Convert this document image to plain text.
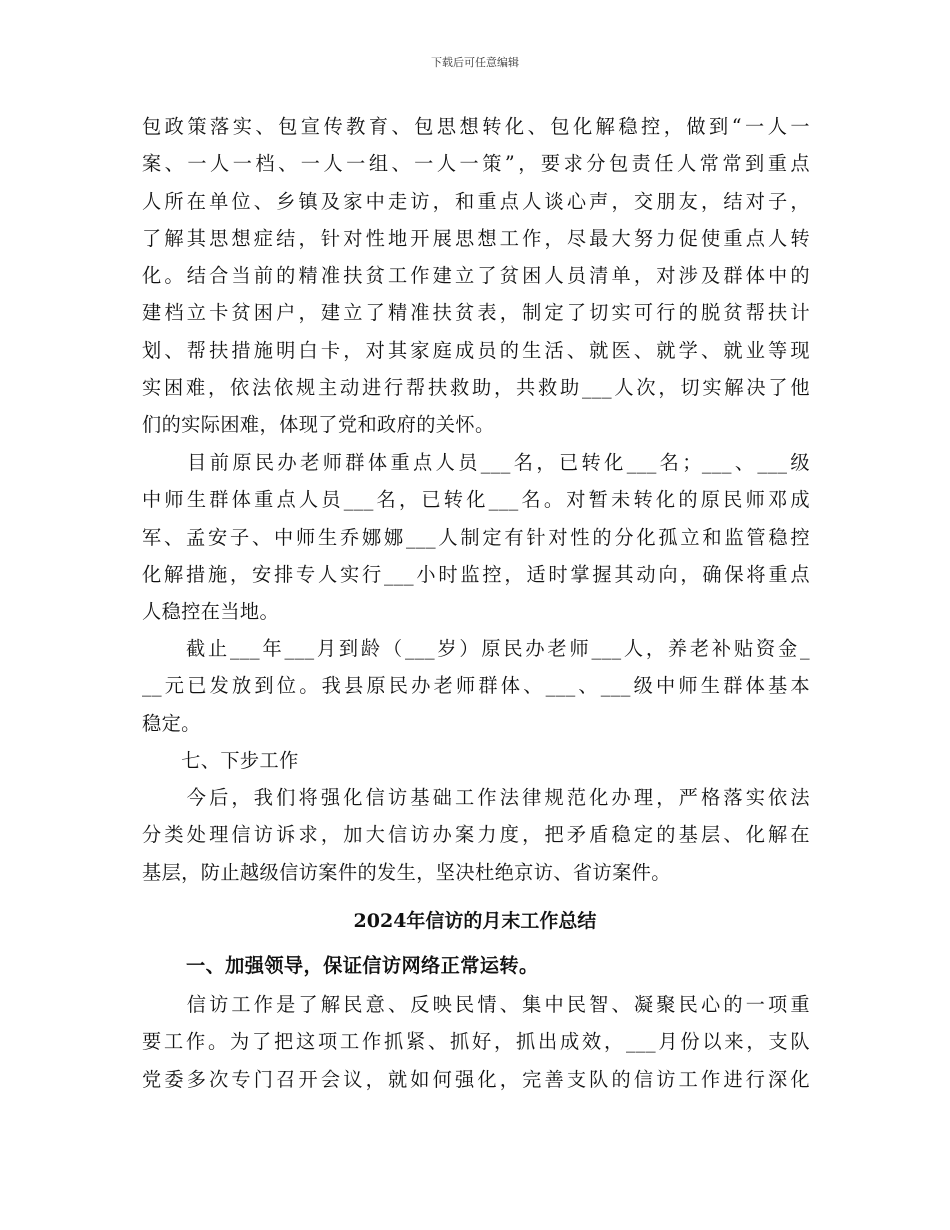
下载后可任意编辑
包政策落实、包宣传教育、包思想转化、包化解稳控，做到“一人一
案、一人一档、一人一组、一人一策”，要求分包责任人常常到重点
人所在单位、乡镇及家中走访，和重点人谈心声，交朋友，结对子，
了解其思想症结，针对性地开展思想工作，尽最大努力促使重点人转
化。结合当前的精准扶贫工作建立了贫困人员清单，对涉及群体中的
建档立卡贫困户，建立了精准扶贫表，制定了切实可行的脱贫帮扶计
划、帮扶措施明白卡，对其家庭成员的生活、就医、就学、就业等现
实困难，依法依规主动进行帮扶救助，共救助___人次，切实解决了他
们的实际困难，体现了党和政府的关怀。
　　目前原民办老师群体重点人员___名，已转化___名；___、___级
中师生群体重点人员___名，已转化___名。对暂未转化的原民师邓成
军、孟安子、中师生乔娜娜___人制定有针对性的分化孤立和监管稳控
化解措施，安排专人实行___小时监控，适时掌握其动向，确保将重点
人稳控在当地。
　　截止___年___月到龄（___岁）原民办老师___人，养老补贴资金_
__元已发放到位。我县原民办老师群体、___、___级中师生群体基本
稳定。
　　七、下步工作
　　今后，我们将强化信访基础工作法律规范化办理，严格落实依法
分类处理信访诉求，加大信访办案力度，把矛盾稳定的基层、化解在
基层，防止越级信访案件的发生，坚决杜绝京访、省访案件。
2024年信访的月末工作总结
一、加强领导，保证信访网络正常运转。
　　信访工作是了解民意、反映民情、集中民智、凝聚民心的一项重
要工作。为了把这项工作抓紧、抓好，抓出成效，___月份以来，支队
党委多次专门召开会议，就如何强化，完善支队的信访工作进行深化
